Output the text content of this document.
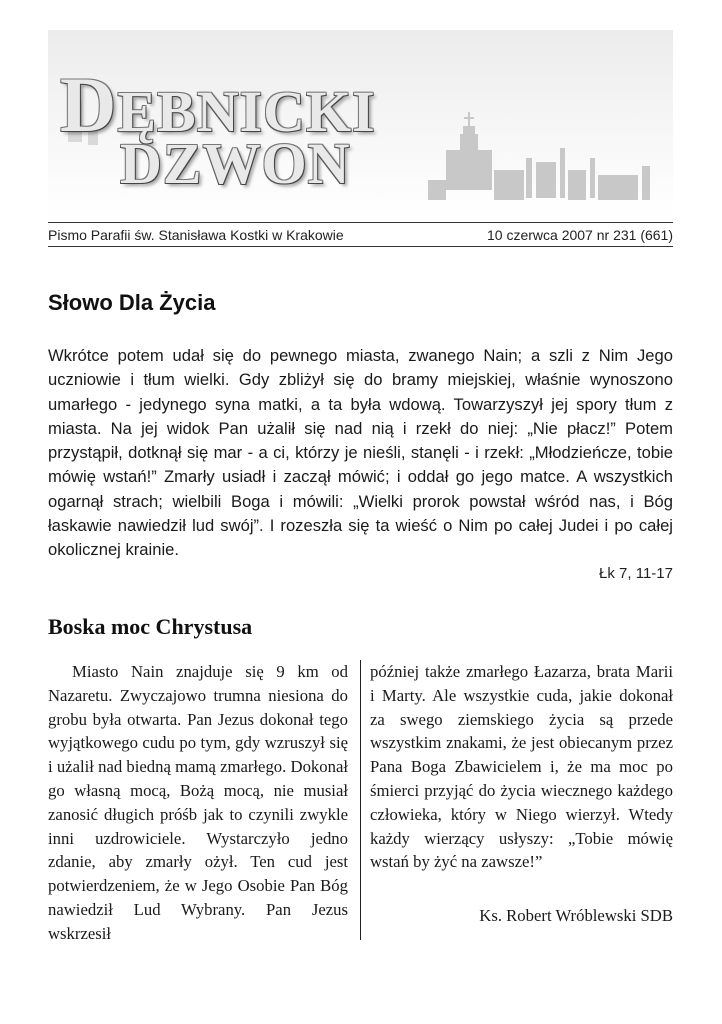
DĘBNICKI
DZWON
Pismo Parafii św. Stanisława Kostki w Krakowie	10 czerwca 2007 nr 231 (661)
Słowo Dla Życia

Wkrótce potem udał się do pewnego miasta, zwanego Nain; a szli z Nim Jego uczniowie i tłum wielki. Gdy zbliżył się do bramy miejskiej, właśnie wynoszono umarłego - jedynego syna matki, a ta była wdową. Towarzyszył jej spory tłum z miasta. Na jej widok Pan użalił się nad nią i rzekł do niej: „Nie płacz!” Potem przystąpił, dotknął się mar - a ci, którzy je nieśli, stanęli - i rzekł: „Młodzieńcze, tobie mówię wstań!” Zmarły usiadł i zaczął mówić; i oddał go jego matce. A wszystkich ogarnął strach; wielbili Boga i mówili: „Wielki prorok powstał wśród nas, i Bóg łaskawie nawiedził lud swój”. I rozeszła się ta wieść o Nim po całej Judei i po całej okolicznej krainie.

Łk 7, 11-17
Boska moc Chrystusa

Miasto Nain znajduje się 9 km od Nazaretu. Zwyczajowo trumna niesiona do grobu była otwarta. Pan Jezus dokonał tego wyjątkowego cudu po tym, gdy wzruszył się i użalił nad biedną mamą zmarłego. Dokonał go własną mocą, Bożą mocą, nie musiał zanosić długich próśb jak to czynili zwykle inni uzdrowiciele. Wystarczyło jedno zdanie, aby zmarły ożył. Ten cud jest potwierdzeniem, że w Jego Osobie Pan Bóg nawiedził Lud Wybrany. Pan Jezus wskrzesił

później także zmarłego Łazarza, brata Marii i Marty. Ale wszystkie cuda, jakie dokonał za swego ziemskiego życia są przede wszystkim znakami, że jest obiecanym przez Pana Boga Zbawicielem i, że ma moc po śmierci przyjąć do życia wiecznego każdego człowieka, który w Niego wierzył. Wtedy każdy wierzący usłyszy: „Tobie mówię wstań by żyć na zawsze!”

Ks. Robert Wróblewski SDB
